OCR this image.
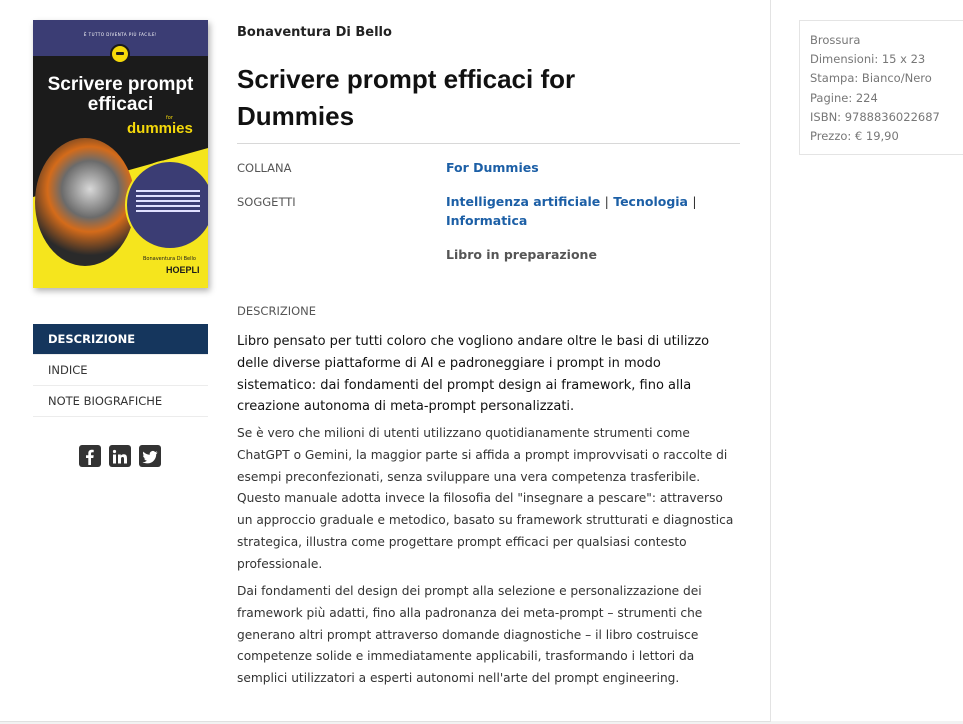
È TUTTO DIVENTA PIÙ FACILE!
Scrivere prompt efficaci
for
dummies
Bonaventura Di Bello
HOEPLI
DESCRIZIONE
INDICE
NOTE BIOGRAFICHE
Bonaventura Di Bello
Scrivere prompt efficaci for Dummies
COLLANA	For Dummies
SOGGETTI	Intelligenza artificiale | Tecnologia |
Informatica
Libro in preparazione
DESCRIZIONE

Libro pensato per tutti coloro che vogliono andare oltre le basi di utilizzo delle diverse piattaforme di AI e padroneggiare i prompt in modo sistematico: dai fondamenti del prompt design ai framework, fino alla creazione autonoma di meta-prompt personalizzati.

Se è vero che milioni di utenti utilizzano quotidianamente strumenti come ChatGPT o Gemini, la maggior parte si affida a prompt improvvisati o raccolte di esempi preconfezionati, senza sviluppare una vera competenza trasferibile. Questo manuale adotta invece la filosofia del "insegnare a pescare": attraverso un approccio graduale e metodico, basato su framework strutturati e diagnostica strategica, illustra come progettare prompt efficaci per qualsiasi contesto professionale.

Dai fondamenti del design dei prompt alla selezione e personalizzazione dei framework più adatti, fino alla padronanza dei meta-prompt – strumenti che generano altri prompt attraverso domande diagnostiche – il libro costruisce competenze solide e immediatamente applicabili, trasformando i lettori da semplici utilizzatori a esperti autonomi nell'arte del prompt engineering.

Brossura
Dimensioni: 15 x 23
Stampa: Bianco/Nero
Pagine: 224
ISBN: 9788836022687
Prezzo: € 19,90
